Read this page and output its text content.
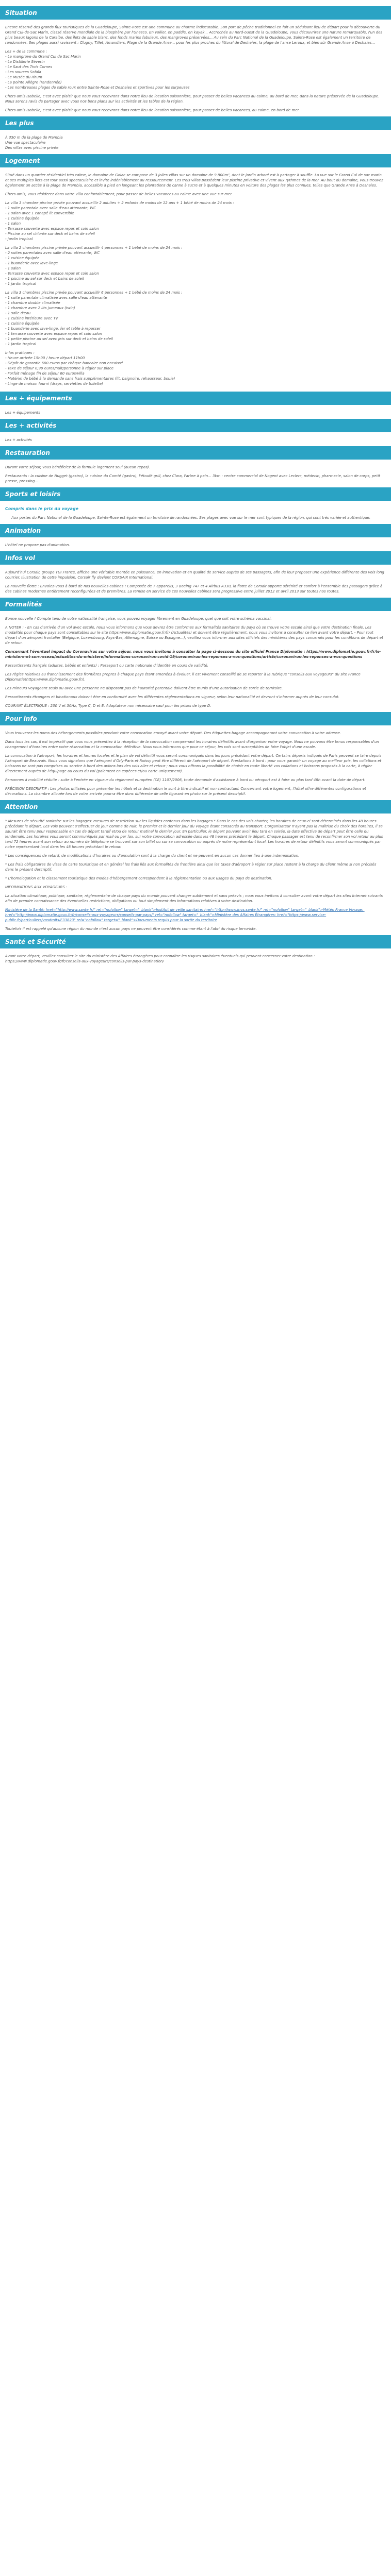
Situation

Encore réservé des grands flux touristiques de la Guadeloupe, Sainte-Rose est une commune au charme indiscutable. Son port de pêche traditionnel en fait un séduisant lieu de départ pour la découverte du Grand Cul-de-Sac Marin, classé réserve mondiale de la biosphère par l'Unesco. En voilier, en paddle, en kayak... Accrochée au nord-ouest de la Guadeloupe, vous découvrirez une nature remarquable, l'un des plus beaux lagons de la Caraïbe, des îlets de sable blanc, des fonds marins fabuleux, des mangroves préservées... Au sein du Parc National de la Guadeloupe, Sainte-Rose est également un territoire de randonnées. Ses plages aussi ravissent : Clugny, Tillet, Amandiers, Plage de la Grande Anse... pour les plus proches du littoral de Deshaies, la plage de l'anse Leroux, et bien sûr Grande Anse à Deshaies...

Les + de la commune :

- La mangrove du Grand Cul de Sac Marin

- La Distillerie Séverin

- Le Saut des Trois Cornes

- Les sources Sofaïa

- Le Musée du Rhum

- La pointe Allègre (randonnée)

- Les nombreuses plages de sable roux entre Sainte-Rose et Deshaies et sportives pour les surpeuses

Chers amis Isabelle, c'est avec plaisir que nous vous recevrons dans notre lieu de location saisonnière, pour passer de belles vacances au calme, au bord de mer, dans la nature préservée de la Guadeloupe. Nous serons ravis de partager avec vous nos bons plans sur les activités et les tables de la région.

Chers amis Isabelle, c'est avec plaisir que nous vous recevrons dans notre lieu de location saisonnière, pour passer de belles vacances, au calme, en bord de mer.

Les plus

À 350 m de la plage de Mambia

Une vue spectaculaire

Des villas avec piscine privée

Logement

Situé dans un quartier résidentiel très calme, le domaine de Golac se compose de 3 jolies villas sur un domaine de 9 800m², dont le jardin arboré est à partager à souffle. La vue sur le Grand Cul de sac marin et ses multiples îlets est tout aussi spectaculaire et invite indéniablement au ressourcement. Les trois villas possèdent leur piscine privative et vivent aux rythmes de la mer. Au bout du domaine, vous trouvez également un accès à la plage de Mambia, accessible à pied en longeant les plantations de canne à sucre et à quelques minutes en voiture des plages les plus connues, telles que Grande Anse à Deshaies.

Chers amis, vous résiderez dans votre villa confortablement, pour passer de belles vacances au calme avec une vue sur mer.

La villa 1 chambre piscine privée pouvant accueillir 2 adultes + 2 enfants de moins de 12 ans + 1 bébé de moins de 24 mois :

- 1 suite parentale avec salle d'eau attenante, WC

- 1 salon avec 1 canapé lit convertible

- 1 cuisine équipée

- 1 salon

- Terrasse couverte avec espace repas et coin salon

- Piscine au sel chlorée sur deck et bains de soleil

- Jardin tropical

La villa 2 chambres piscine privée pouvant accueillir 4 personnes + 1 bébé de moins de 24 mois :

- 2 suites parentales avec salle d'eau attenante, WC

- 1 cuisine équipée

- 1 buanderie avec lave-linge

- 1 salon

- Terrasse couverte avec espace repas et coin salon

- 1 piscine au sel sur deck et bains de soleil

- 1 jardin tropical

La villa 3 chambres piscine privée pouvant accueillir 6 personnes + 1 bébé de moins de 24 mois :

- 1 suite parentale climatisée avec salle d'eau attenante

- 1 chambre double climatisée

- 1 chambre avec 2 lits jumeaux (twin)

- 1 salle d'eau

- 1 cuisine intérieure avec TV

- 1 cuisine équipée

- 1 buanderie avec lave-linge, fer et table à repasser

- 1 terrasse couverte avec espace repas et coin salon

- 1 petite piscine au sel avec jets sur deck et bains de soleil

- 1 jardin tropical

Infos pratiques :

- Heure arrivée 15h00 / heure départ 11h00

- Dépôt de garantie 600 euros par chèque bancaire non encaissé

- Taxe de séjour 0,90 euros/nuit/personne à régler sur place

- Forfait ménage fin de séjour 60 euros/villa

- Matériel de bébé à la demande sans frais supplémentaires (lit, baignoire, rehausseur, boule)

- Linge de maison fourni (draps, serviettes de toilette)

Les + équipements

Les + équipements

Les + activités

Les + activités

Restauration

Durant votre séjour, vous bénéficiez de la formule logement seul (aucun repas).

Restaurants : la cuisine de Nugget (gastro), la cuisine du Comté (gastro), l'étoufé grill, chez Clara, l'arbre à pain... 3km : centre commercial de Nogent avec Leclerc, médecin, pharmacie, salon de corps, petit presse, pressing...

Sports et loisirs

Compris dans le prix du voyage

Aux portes du Parc National de la Guadeloupe, Sainte-Rose est également un territoire de randonnées. Ses plages avec vue sur le mer sont typiques de la région, qui sont très variée et authentique.

Animation

L'hôtel ne propose pas d'animation.

Infos vol

Aujourd'hui Corsair, groupe TUI France, affiche une véritable montée en puissance, en innovation et en qualité de service auprès de ses passagers, afin de leur proposer une expérience différente des vols long courrier. Illustration de cette impulsion, Corsair fly devient CORSAIR International.

La nouvelle flotte : Envolez-vous à bord de nos nouvelles cabines ! Composée de 7 appareils, 3 Boeing 747 et 4 Airbus A330, la flotte de Corsair apporte sérénité et confort à l'ensemble des passagers grâce à des cabines modernes entièrement reconfigurées et de premières. La remise en service de ces nouvelles cabines sera progressive entre juillet 2012 et avril 2013 sur toutes nos routes.

Formalités

Bonne nouvelle ! Compte tenu de votre nationalité française, vous pouvez voyager librement en Guadeloupe, quel que soit votre schéma vaccinal.

A NOTER : - En cas d'arrivée d'un vol avec escale, nous vous informons que vous devrez être conformes aux formalités sanitaires du pays où se trouve votre escale ainsi que votre destination finale. Les modalités pour chaque pays sont consultables sur le site https://www.diplomatie.gouv.fr/fr/ (Actualités) et doivent être régulièrement, nous vous invitons à consulter ce lien avant votre départ. - Pour tout départ d'un aéroport frontalier (Belgique, Luxembourg, Pays-Bas, Allemagne, Suisse ou Espagne...), veuillez vous informer aux sites officiels des ministères des pays concernés pour les conditions de départ et de retour.

Concernant l'éventuel impact du Coronavirus sur votre séjour, nous vous invitons à consulter la page ci-dessous du site officiel France Diplomatie : https://www.diplomatie.gouv.fr/fr/le-ministere-et-son-reseau/actualites-du-ministere/informations-coronavirus-covid-19/coronavirus-les-reponses-a-vos-questions/article/coronavirus-les-reponses-a-vos-questions

Ressortissants français (adultes, bébés et enfants) : Passeport ou carte nationale d'identité en cours de validité.

Les règles relatives au franchissement des frontières propres à chaque pays étant amenées à évoluer, il est vivement conseillé de se reporter à la rubrique "conseils aux voyageurs" du site France Diplomatie(https://www.diplomatie.gouv.fr/).

Les mineurs voyageant seuls ou avec une personne ne disposant pas de l'autorité parentale doivent être munis d'une autorisation de sortie de territoire.

Ressortissants étrangers et binationaux doivent être en conformité avec les différentes réglementations en vigueur, selon leur nationalité et devront s'informer auprès de leur consulat.

COURANT ÉLECTRIQUE : 230 V et 50Hz, Type C, D et E. Adaptateur non nécessaire sauf pour les prises de type D.

Pour info

Vous trouverez les noms des hébergements possibles pendant votre convocation envoyé avant votre départ. Des étiquettes bagage accompagneront votre convocation à votre adresse.

Dans tous les cas, il est impératif que vous vous présentiez à la réception de la convocation comprenant les horaires définitifs avant d'organiser votre voyage. Nous ne pouvons être tenus responsables d'un changement d'horaires entre votre réservation et la convocation définitive. Nous vous informons que pour ce séjour, les vols sont susceptibles de faire l'objet d'une escale.

La convocation à l'aéroport, les horaires et heures locales et le plan de vol définitif vous seront communiqués dans les jours précédant votre départ. Certains départs indiqués de Paris peuvent se faire depuis l'aéroport de Beauvais. Nous vous signalons que l'aéroport d'Orly-Paris et Roissy peut être différent de l'aéroport de départ. Prestations à bord : pour vous garantir un voyage au meilleur prix, les collations et boissons ne sont pas comprises au service à bord des avions lors des vols aller et retour ; nous vous offrons la possibilité de choisir en toute liberté vos collations et boissons proposés à la carte, à régler directement auprès de l'équipage au cours du vol (paiement en espèces et/ou carte uniquement).

Personnes à mobilité réduite : suite à l'entrée en vigueur du règlement européen (CE) 1107/2006, toute demande d'assistance à bord ou aéroport est à faire au plus tard 48h avant la date de départ.

PRÉCISION DESCRIPTIF : Les photos utilisées pour présenter les hôtels et la destination le sont à titre indicatif et non contractuel. Concernant votre logement, l'hôtel offre différentes configurations et décorations. La chambre allouée lors de votre arrivée pourra être donc différente de celle figurant en photo sur le présent descriptif.

Attention

* Mesures de sécurité sanitaire sur les bagages: mesures de restriction sur les liquides contenus dans les bagages * Dans le cas des vols charter, les horaires de ceux-ci sont déterminés dans les 48 heures précédant le départ. Les vols peuvent s'effectuer de jour comme de nuit, le premier et le dernier jour du voyage étant consacrés au transport. L'organisateur n'ayant pas la maîtrise du choix des horaires, il se saurait être tenu pour responsable en cas de départ tardif et/ou de retour matinal le dernier jour. En particulier, le départ pouvant avoir lieu tard en soirée, la date effective de départ peut être celle du lendemain. Les horaires vous seront communiqués par mail ou par fax, sur votre convocation adressée dans les 48 heures précédant le départ. Chaque passager est tenu de reconfirmer son vol retour au plus tard 72 heures avant son retour au numéro de téléphone se trouvant sur son billet ou sur sa convocation ou auprès de notre représentant local. Les horaires de retour définitifs vous seront communiqués par notre représentant local dans les 48 heures précédant le retour.

* Les conséquences de retard, de modifications d'horaires ou d'annulation sont à la charge du client et ne peuvent en aucun cas donner lieu à une indemnisation.

* Les frais obligatoires de visas de carte touristique et en général les frais liés aux formalités de frontière ainsi que les taxes d'aéroport à régler sur place restent à la charge du client même si non précisés dans le présent descriptif.

* L'homologation et le classement touristique des modes d'hébergement correspondent à la réglementation ou aux usages du pays de destination.

INFORMATIONS AUX VOYAGEURS :

La situation climatique, politique, sanitaire, réglementaire de chaque pays du monde pouvant changer subitement et sans préavis ; nous vous invitons à consulter avant votre départ les sites Internet suivants afin de prendre connaissance des éventuelles restrictions, obligations ou tout simplement des informations relatives à votre destination.

Ministère de la Santé: href="http://www.sante.fr/" rel="nofollow" target="_blank">Institut de veille sanitaire: href="http://www.invs.sante.fr/" rel="nofollow" target="_blank">Météo France Voyage: href="http://www.diplomatie.gouv.fr/fr/conseils-aux-voyageurs/conseils-par-pays/" rel="nofollow" target="_blank">Ministère des Affaires Étrangères: href="https://www.service-public.fr/particuliers/vosdroits/F33823" rel="nofollow" target="_blank">Documents requis pour la sortie du territoire

Toutefois il est rappelé qu'aucune région du monde n'est aucun pays ne peuvent être considérés comme étant à l'abri du risque terroriste.

Santé et Sécurité

Avant votre départ, veuillez consulter le site du ministère des Affaires étrangères pour connaître les risques sanitaires éventuels qui peuvent concerner votre destination : https://www.diplomatie.gouv.fr/fr/conseils-aux-voyageurs/conseils-par-pays-destination/
